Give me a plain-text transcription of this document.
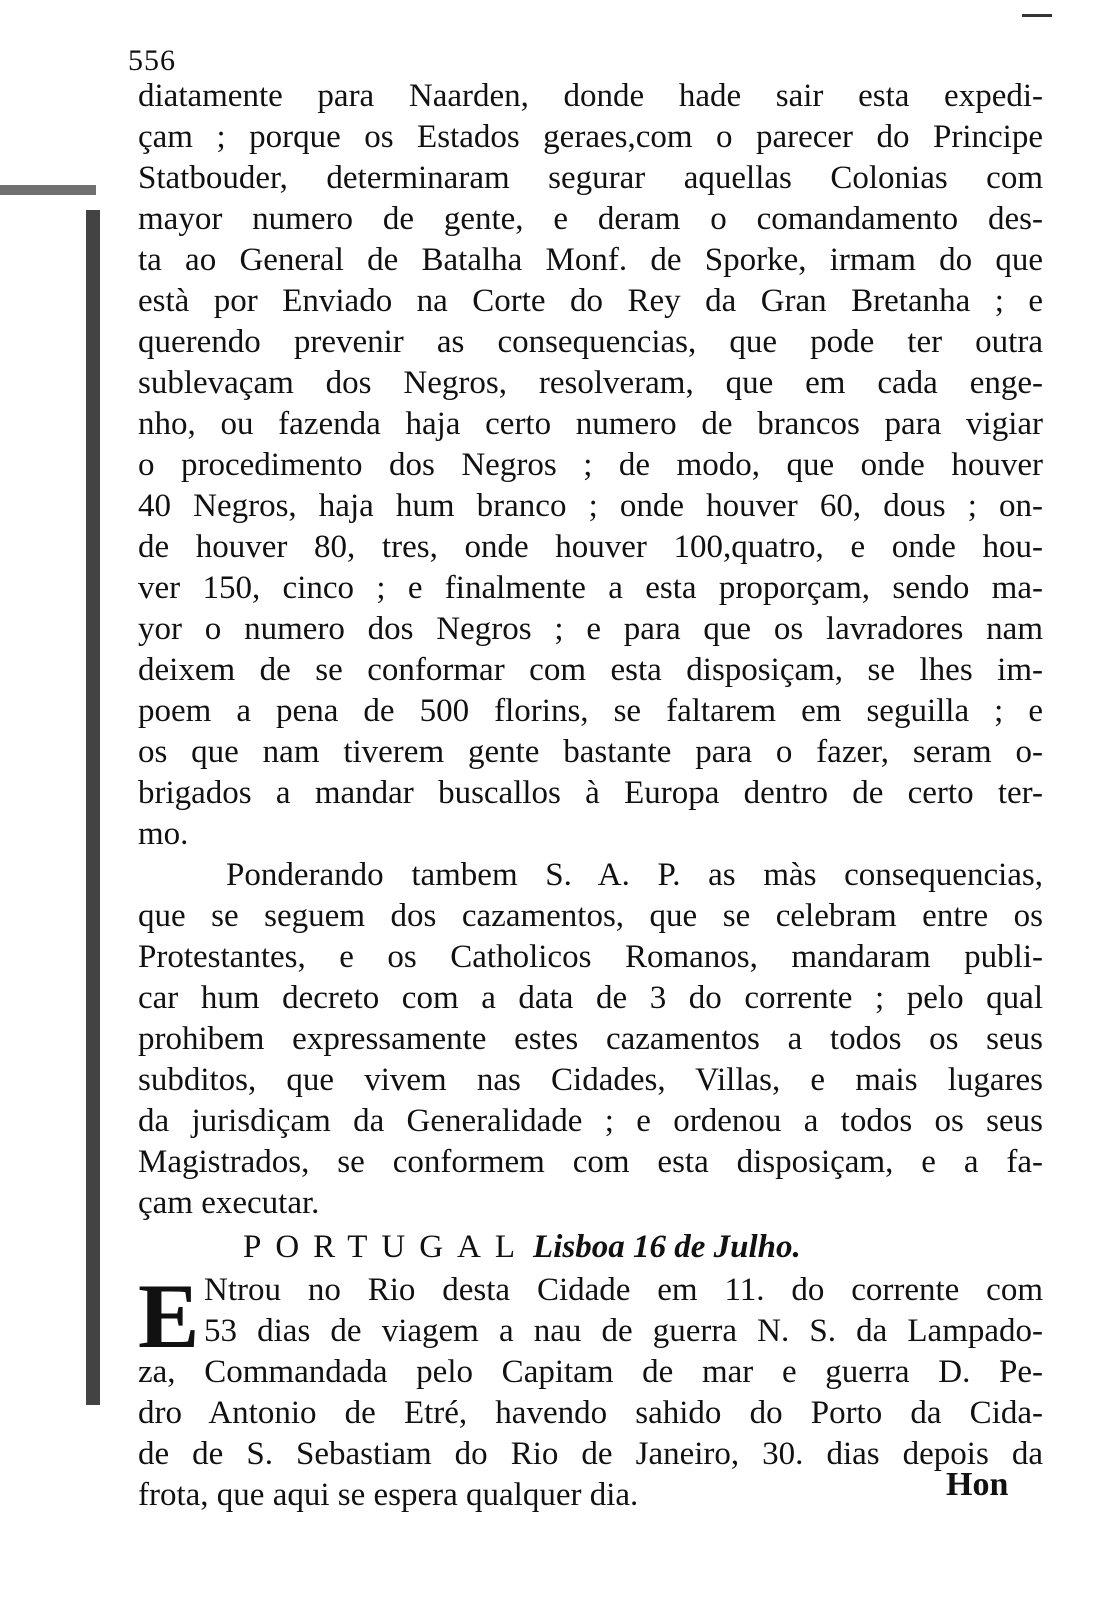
556
diatamente para Naarden, donde hade sair esta expedi-
çam ; porque os Estados geraes,com o parecer do Principe
Statbouder, determinaram segurar aquellas Colonias com
mayor numero de gente, e deram o comandamento des-
ta ao General de Batalha Monf. de Sporke, irmam do que
està por Enviado na Corte do Rey da Gran Bretanha ; e
querendo prevenir as consequencias, que pode ter outra
sublevaçam dos Negros, resolveram, que em cada enge-
nho, ou fazenda haja certo numero de brancos para vigiar
o procedimento dos Negros ; de modo, que onde houver
40 Negros, haja hum branco ; onde houver 60, dous ; on-
de houver 80, tres, onde houver 100,quatro, e onde hou-
ver 150, cinco ; e finalmente a esta proporçam, sendo ma-
yor o numero dos Negros ; e para que os lavradores nam
deixem de se conformar com esta disposiçam, se lhes im-
poem a pena de 500 florins, se faltarem em seguilla ; e
os que nam tiverem gente bastante para o fazer, seram o-
brigados a mandar buscallos à Europa dentro de certo ter-
mo.
Ponderando tambem S. A. P. as màs consequencias,
que se seguem dos cazamentos, que se celebram entre os
Protestantes, e os Catholicos Romanos, mandaram publi-
car hum decreto com a data de 3 do corrente ; pelo qual
prohibem expressamente estes cazamentos a todos os seus
subditos, que vivem nas Cidades, Villas, e mais lugares
da jurisdiçam da Generalidade ; e ordenou a todos os seus
Magistrados, se conformem com esta disposiçam, e a fa-
çam executar.
PORTUGAL Lisboa 16 de Julho.
E Ntrou no Rio desta Cidade em 11. do corrente com
53 dias de viagem a nau de guerra N. S. da Lampado-
za, Commandada pelo Capitam de mar e guerra D. Pe-
dro Antonio de Etré, havendo sahido do Porto da Cida-
de de S. Sebastiam do Rio de Janeiro, 30. dias depois da
frota, que aqui se espera qualquer dia.	Hon
